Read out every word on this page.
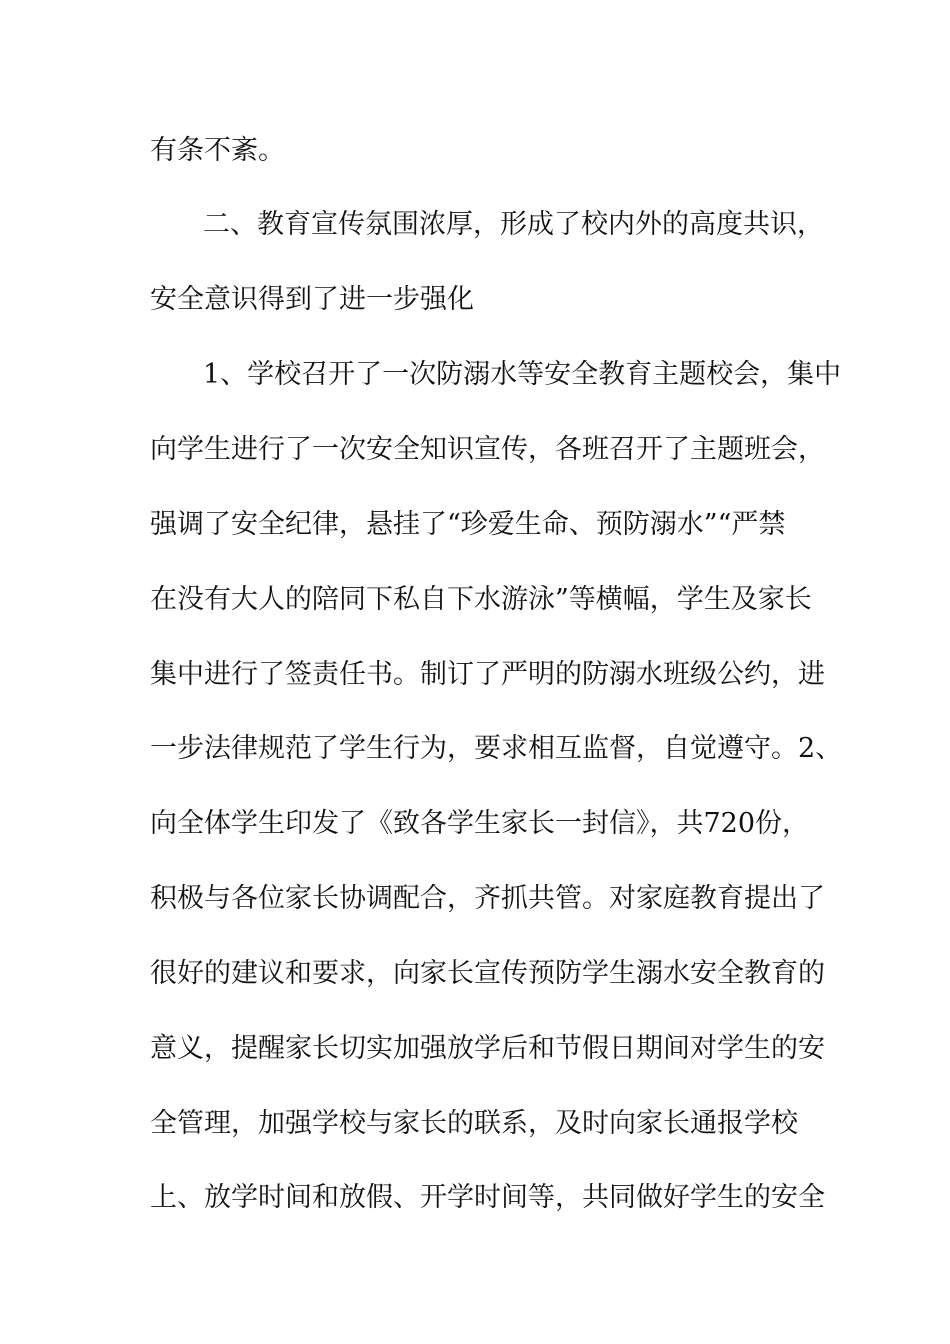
有条不紊。
二、教育宣传氛围浓厚，形成了校内外的高度共识，
安全意识得到了进一步强化
1、学校召开了一次防溺水等安全教育主题校会，集中
向学生进行了一次安全知识宣传，各班召开了主题班会，
强调了安全纪律，悬挂了“珍爱生命、预防溺水”“严禁
在没有大人的陪同下私自下水游泳”等横幅，学生及家长
集中进行了签责任书。制订了严明的防溺水班级公约，进
一步法律规范了学生行为，要求相互监督，自觉遵守。2、
向全体学生印发了《致各学生家长一封信》，共720份，
积极与各位家长协调配合，齐抓共管。对家庭教育提出了
很好的建议和要求，向家长宣传预防学生溺水安全教育的
意义，提醒家长切实加强放学后和节假日期间对学生的安
全管理，加强学校与家长的联系，及时向家长通报学校
上、放学时间和放假、开学时间等，共同做好学生的安全
